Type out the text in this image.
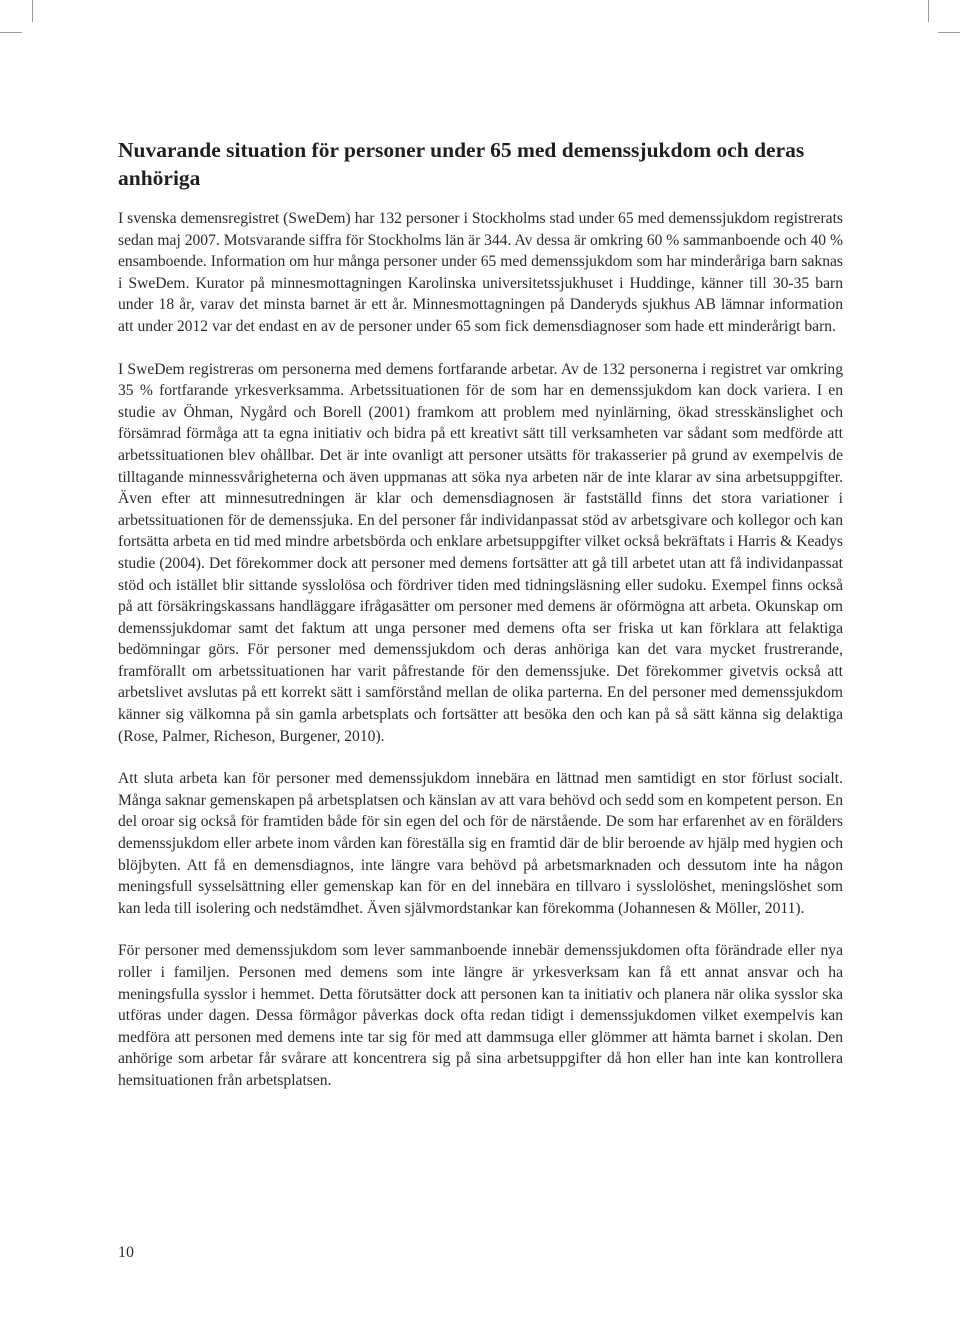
Nuvarande situation för personer under 65 med demenssjukdom och deras anhöriga

I svenska demensregistret (SweDem) har 132 personer i Stockholms stad under 65 med demenssjukdom registrerats sedan maj 2007. Motsvarande siffra för Stockholms län är 344. Av dessa är omkring 60 % sammanboende och 40 % ensamboende. Information om hur många personer under 65 med demenssjukdom som har minderåriga barn saknas i SweDem. Kurator på minnesmottagningen Karolinska universitetssjukhuset i Huddinge, känner till 30-35 barn under 18 år, varav det minsta barnet är ett år. Minnesmottagningen på Danderyds sjukhus AB lämnar information att under 2012 var det endast en av de personer under 65 som fick demensdiagnoser som hade ett minderårigt barn.

I SweDem registreras om personerna med demens fortfarande arbetar. Av de 132 personerna i registret var omkring 35 % fortfarande yrkesverksamma. Arbetssituationen för de som har en demenssjukdom kan dock variera. I en studie av Öhman, Nygård och Borell (2001) framkom att problem med nyinlärning, ökad stresskänslighet och försämrad förmåga att ta egna initiativ och bidra på ett kreativt sätt till verksamheten var sådant som medförde att arbetssituationen blev ohållbar. Det är inte ovanligt att personer utsätts för trakasserier på grund av exempelvis de tilltagande minnessvårigheterna och även uppmanas att söka nya arbeten när de inte klarar av sina arbetsuppgifter. Även efter att minnesutredningen är klar och demensdiagnosen är fastställd finns det stora variationer i arbetssituationen för de demenssjuka. En del personer får individanpassat stöd av arbetsgivare och kollegor och kan fortsätta arbeta en tid med mindre arbetsbörda och enklare arbetsuppgifter vilket också bekräftats i Harris & Keadys studie (2004). Det förekommer dock att personer med demens fortsätter att gå till arbetet utan att få individanpassat stöd och istället blir sittande sysslolösa och fördriver tiden med tidningsläsning eller sudoku. Exempel finns också på att försäkringskassans handläggare ifrågasätter om personer med demens är oförmögna att arbeta. Okunskap om demenssjukdomar samt det faktum att unga personer med demens ofta ser friska ut kan förklara att felaktiga bedömningar görs. För personer med demenssjukdom och deras anhöriga kan det vara mycket frustrerande, framförallt om arbetssituationen har varit påfrestande för den demenssjuke. Det förekommer givetvis också att arbetslivet avslutas på ett korrekt sätt i samförstånd mellan de olika parterna. En del personer med demenssjukdom känner sig välkomna på sin gamla arbetsplats och fortsätter att besöka den och kan på så sätt känna sig delaktiga (Rose, Palmer, Richeson, Burgener, 2010).

Att sluta arbeta kan för personer med demenssjukdom innebära en lättnad men samtidigt en stor förlust socialt. Många saknar gemenskapen på arbetsplatsen och känslan av att vara behövd och sedd som en kompetent person. En del oroar sig också för framtiden både för sin egen del och för de närstående. De som har erfarenhet av en förälders demenssjukdom eller arbete inom vården kan föreställa sig en framtid där de blir beroende av hjälp med hygien och blöjbyten. Att få en demensdiagnos, inte längre vara behövd på arbetsmarknaden och dessutom inte ha någon meningsfull sysselsättning eller gemenskap kan för en del innebära en tillvaro i sysslolöshet, meningslöshet som kan leda till isolering och nedstämdhet. Även självmordstankar kan förekomma (Johannesen & Möller, 2011).

För personer med demenssjukdom som lever sammanboende innebär demenssjukdomen ofta förändrade eller nya roller i familjen. Personen med demens som inte längre är yrkesverksam kan få ett annat ansvar och ha meningsfulla sysslor i hemmet. Detta förutsätter dock att personen kan ta initiativ och planera när olika sysslor ska utföras under dagen. Dessa förmågor påverkas dock ofta redan tidigt i demenssjukdomen vilket exempelvis kan medföra att personen med demens inte tar sig för med att dammsuga eller glömmer att hämta barnet i skolan. Den anhörige som arbetar får svårare att koncentrera sig på sina arbetsuppgifter då hon eller han inte kan kontrollera hemsituationen från arbetsplatsen.

10
